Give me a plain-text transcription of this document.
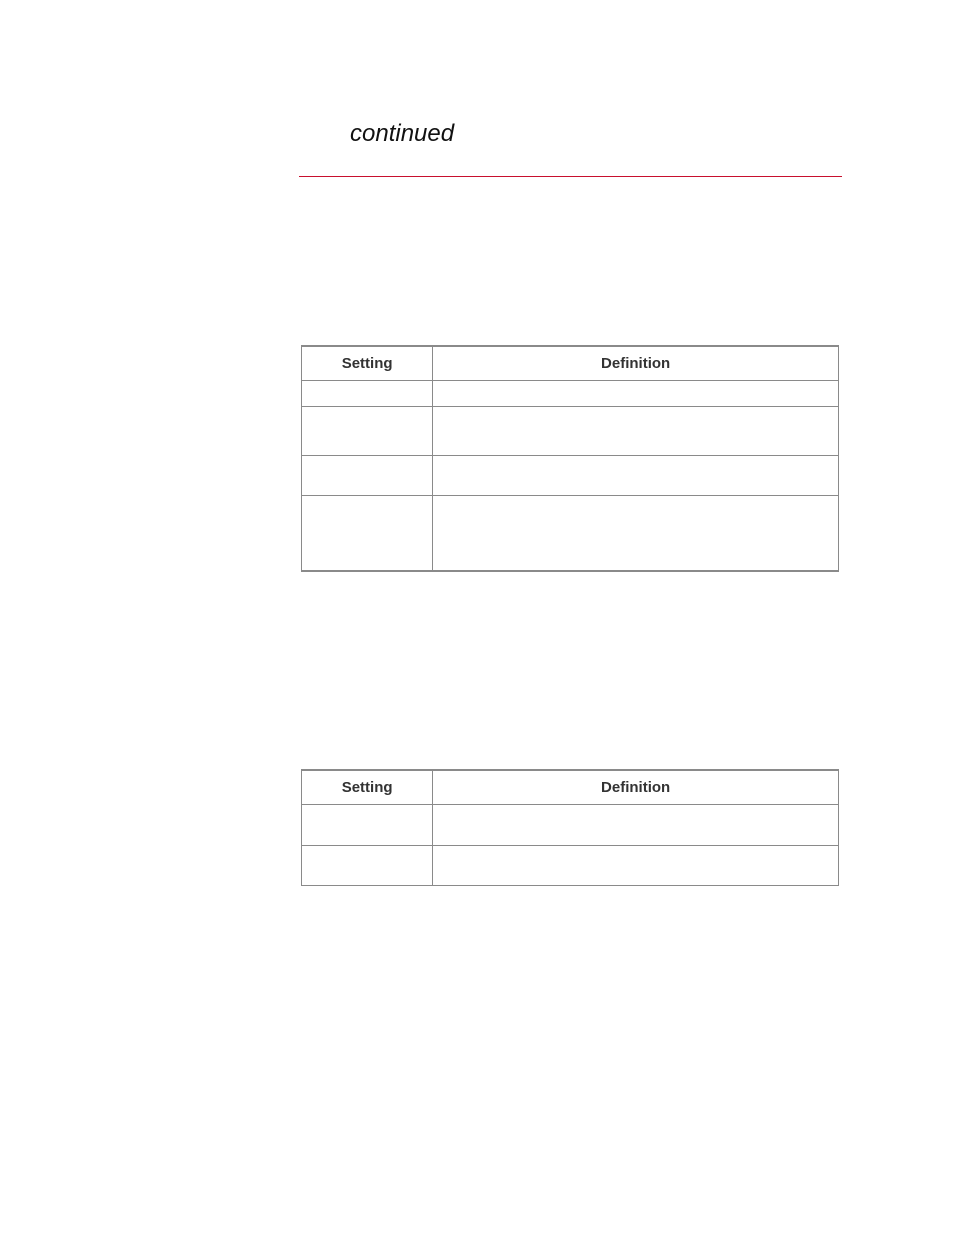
continued
Setting	Definition

Setting	Definition
